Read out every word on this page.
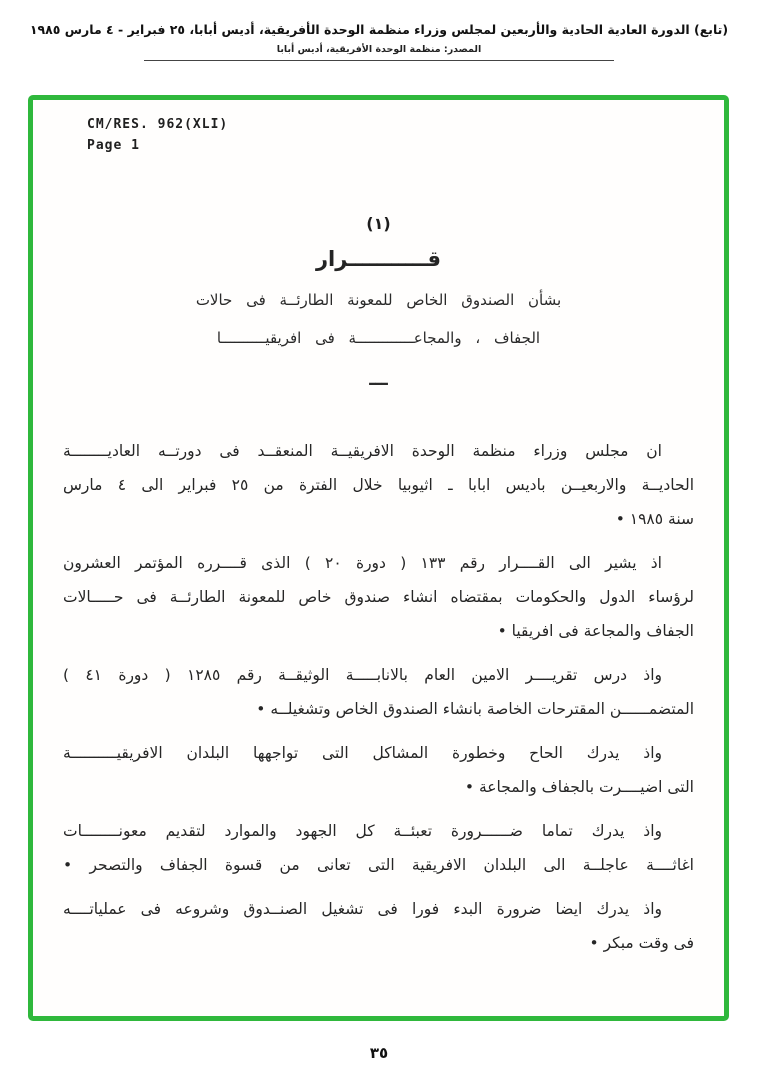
(تابع) الدورة العادية الحادية والأربعين لمجلس وزراء منظمة الوحدة الأفريقية، أديس أبابا، ٢٥ فبراير - ٤ مارس ١٩٨٥
المصدر: منظمة الوحدة الأفريقية، أديس أبابا
CM/RES. 962(XLI)
Page 1
(١)
قـــــــــــرار
بشأن الصندوق الخاص للمعونة الطارئــة فى حالات
الجفاف ، والمجاعـــــــــــــة فى افريقيــــــــــا
ـــ

ان مجلس وزراء منظمة الوحدة الافريقيــة المنعقــد فى دورتــه العاديــــــــة
الحاديــة والاربعيــن باديس ابابا ـ اثيوبيا خلال الفترة من ٢٥ فبراير الى ٤ مارس
سنة ١٩٨٥ •

اذ يشير الى القــــرار رقم ١٣٣ ( دورة ٢٠ ) الذى قــــرره المؤتمر العشرون
لرؤساء الدول والحكومات بمقتضاه انشاء صندوق خاص للمعونة الطارئــة فى حـــــالات
الجفاف والمجاعة فى افريقيا •

واذ درس تقريــــر الامين العام بالانابـــــة الوثيقــة رقم ١٢٨٥ ( دورة ٤١ )
المتضمــــــن المقترحات الخاصة بانشاء الصندوق الخاص وتشغيلــه •

واذ يدرك الحاح وخطورة المشاكل التى تواجهها البلدان الافريقيــــــــــة
التى اضيــــرت بالجفاف والمجاعة •

واذ يدرك تماما ضــــــرورة تعبئــة كل الجهود والموارد لتقديم معونــــــــات
اغاثــــة عاجلــة الى البلدان الافريقية التى تعانى من قسوة الجفاف والتصحر •

واذ يدرك ايضا ضرورة البدء فورا فى تشغيل الصنــدوق وشروعه فى عملياتــــه
فى وقت مبكر •

٣٥
